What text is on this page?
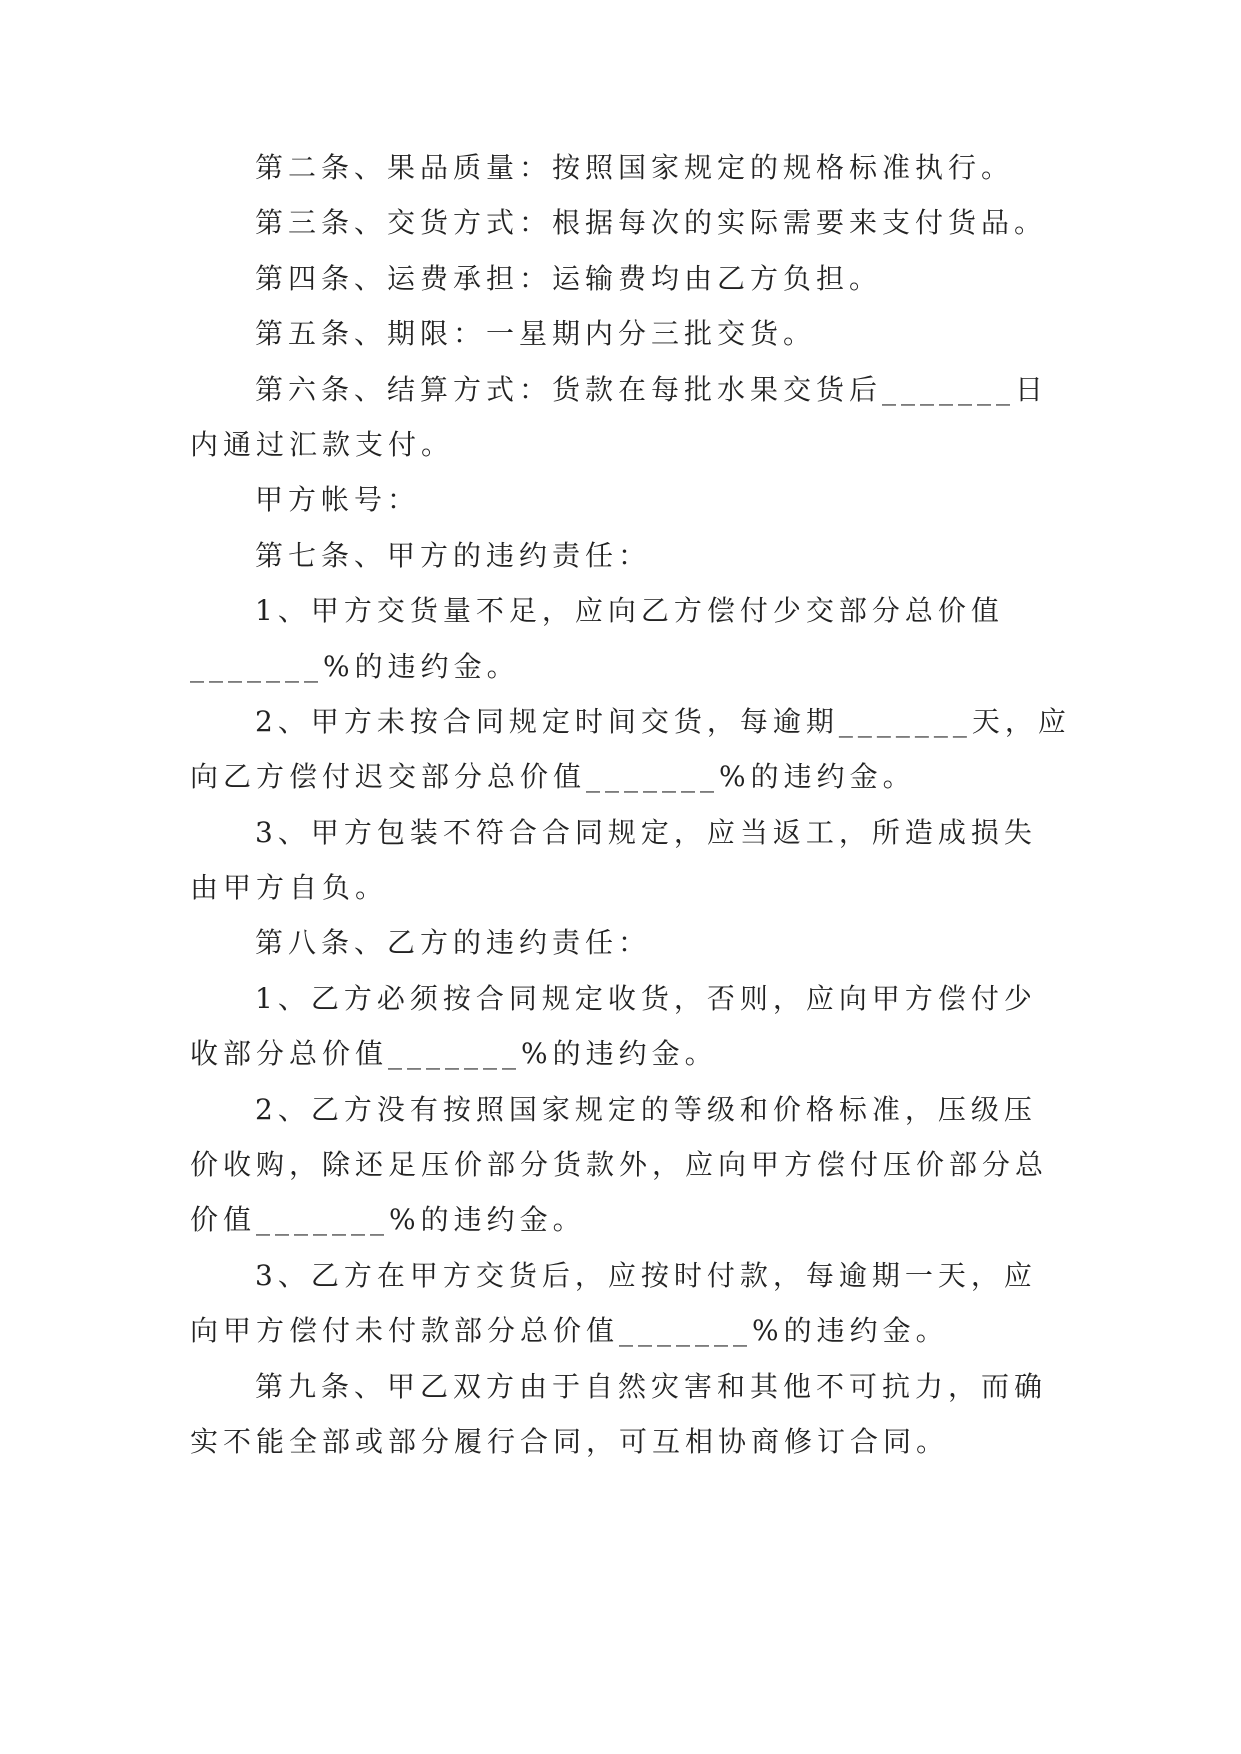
第二条、果品质量：按照国家规定的规格标准执行。
第三条、交货方式：根据每次的实际需要来支付货品。
第四条、运费承担：运输费均由乙方负担。
第五条、期限：一星期内分三批交货。
第六条、结算方式：货款在每批水果交货后_______日
内通过汇款支付。
甲方帐号：
第七条、甲方的违约责任：
1、甲方交货量不足，应向乙方偿付少交部分总价值
_______%的违约金。
2、甲方未按合同规定时间交货，每逾期_______天，应
向乙方偿付迟交部分总价值_______%的违约金。
3、甲方包装不符合合同规定，应当返工，所造成损失
由甲方自负。
第八条、乙方的违约责任：
1、乙方必须按合同规定收货，否则，应向甲方偿付少
收部分总价值_______%的违约金。
2、乙方没有按照国家规定的等级和价格标准，压级压
价收购，除还足压价部分货款外，应向甲方偿付压价部分总
价值_______%的违约金。
3、乙方在甲方交货后，应按时付款，每逾期一天，应
向甲方偿付未付款部分总价值_______%的违约金。
第九条、甲乙双方由于自然灾害和其他不可抗力，而确
实不能全部或部分履行合同，可互相协商修订合同。
